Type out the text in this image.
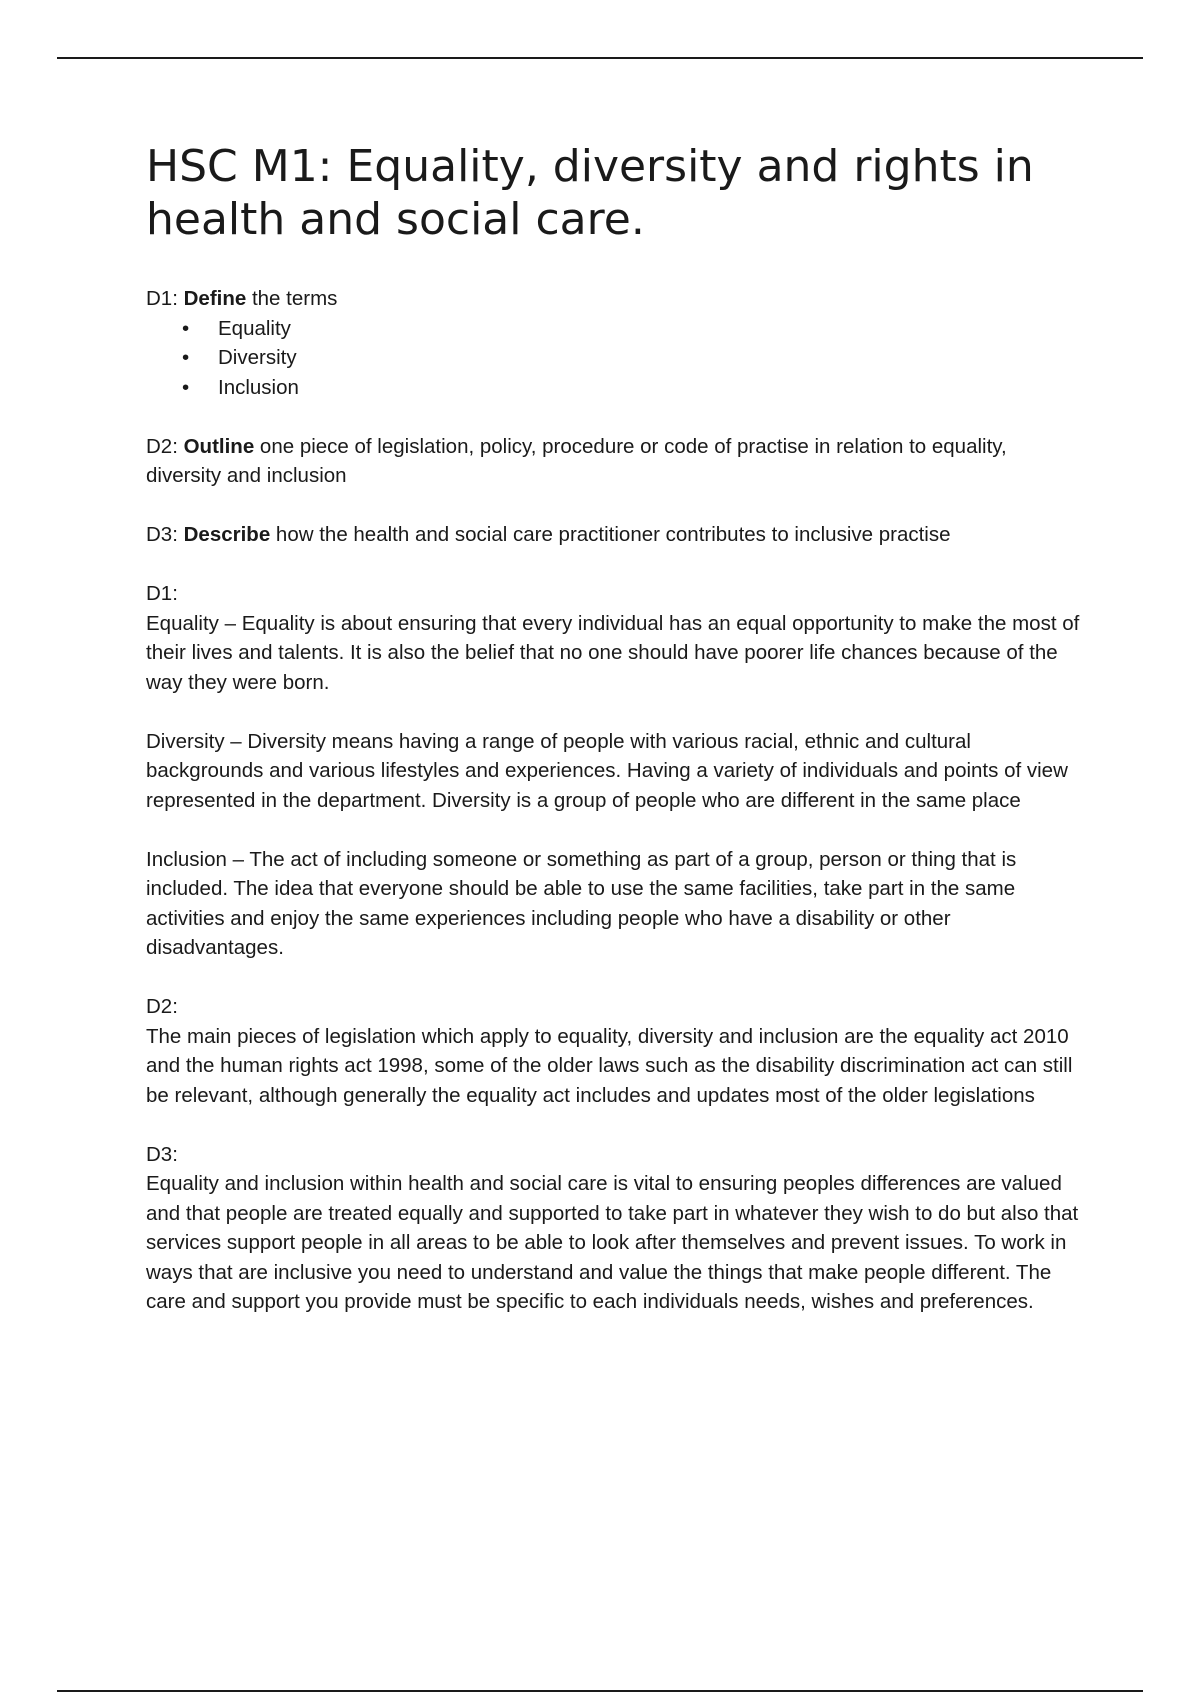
HSC M1: Equality, diversity and rights in health and social care.

D1: Define the terms

• Equality
• Diversity
• Inclusion

D2: Outline one piece of legislation, policy, procedure or code of practise in relation to equality, diversity and inclusion

D3: Describe how the health and social care practitioner contributes to inclusive practise

D1:

Equality – Equality is about ensuring that every individual has an equal opportunity to make the most of their lives and talents. It is also the belief that no one should have poorer life chances because of the way they were born.

Diversity – Diversity means having a range of people with various racial, ethnic and cultural backgrounds and various lifestyles and experiences. Having a variety of individuals and points of view represented in the department. Diversity is a group of people who are different in the same place

Inclusion – The act of including someone or something as part of a group, person or thing that is included. The idea that everyone should be able to use the same facilities, take part in the same activities and enjoy the same experiences including people who have a disability or other disadvantages.

D2:

The main pieces of legislation which apply to equality, diversity and inclusion are the equality act 2010 and the human rights act 1998, some of the older laws such as the disability discrimination act can still be relevant, although generally the equality act includes and updates most of the older legislations

D3:

Equality and inclusion within health and social care is vital to ensuring peoples differences are valued and that people are treated equally and supported to take part in whatever they wish to do but also that services support people in all areas to be able to look after themselves and prevent issues. To work in ways that are inclusive you need to understand and value the things that make people different. The care and support you provide must be specific to each individuals needs, wishes and preferences.
